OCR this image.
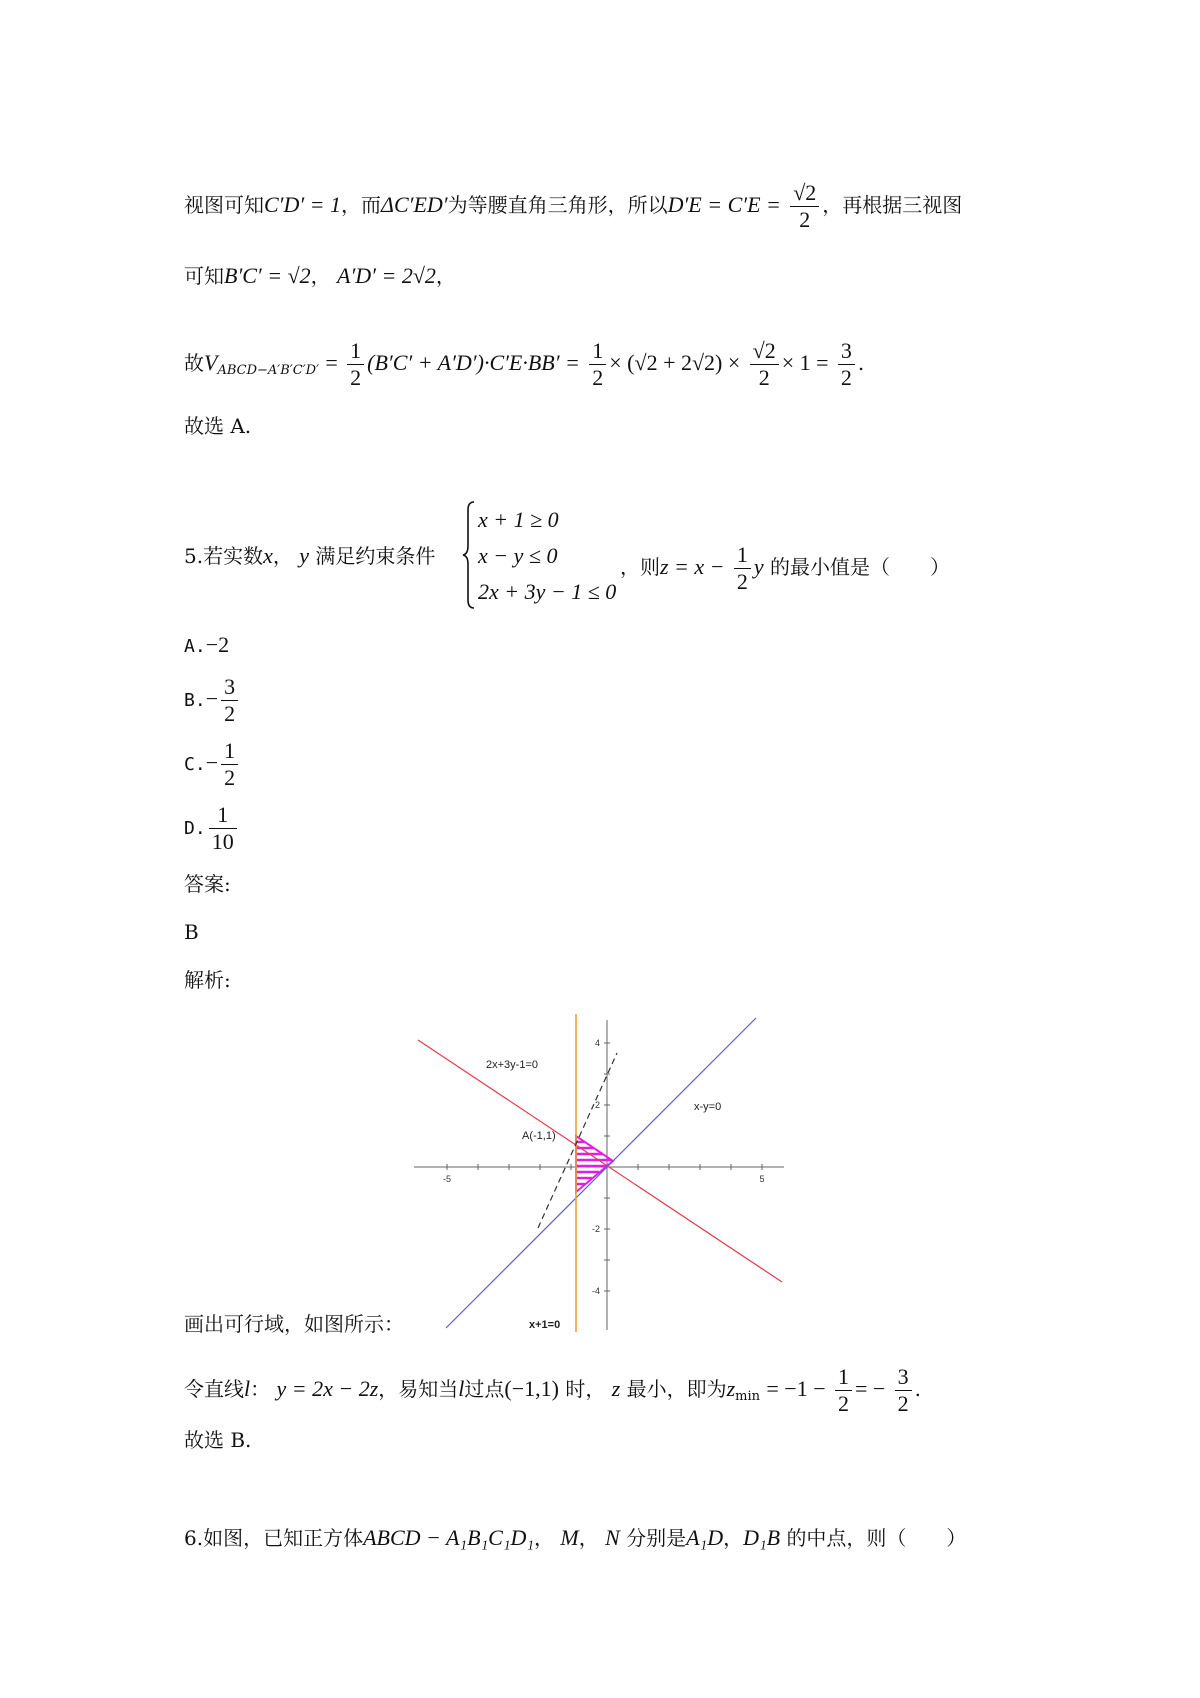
视图可知C′D′ = 1，而ΔC′ED′为等腰直角三角形，所以$D'E = C'E = \frac{√2}{2}$ ，再根据三视图
可知B′C′ = √2， A′D′ = 2√2，
故$V_{ABCD-A'B'C'D'} = \frac{1}{2} (B'C' + A'D')\cdot C'E\cdot BB' = \frac{1}{2} \times (√2 + 2√2) \times \frac{√2}{2} \times 1 = \frac{3}{2}$ .
故选 A.
5.若实数x， y 满足约束条件
x + 1 ≥ 0
x − y ≤ 0
2x + 3y − 1 ≤ 0
，则$z = x - \frac{1}{2}$ y 的最小值是（　　）
A.−2
$B.- \frac{3}{2}$
$C.- \frac{1}{2}$
D. $\frac{1}{10}$
答案:
B
解析:
-5	5
4
2
-2
-4
2x+3y-1=0
x-y=0
A(-1,1)
x+1=0
画出可行域，如图所示：
令直线l： y = 2x − 2z，易知当l过点(−1,1) 时， z 最小，即为$z_{min} = -1 - \frac{1}{2}$ = − $\frac{3}{2}$ .
故选 B.
6.如图，已知正方体ABCD − A₁B₁C₁D₁， M， N 分别是A₁D，D₁B 的中点，则（　　）
